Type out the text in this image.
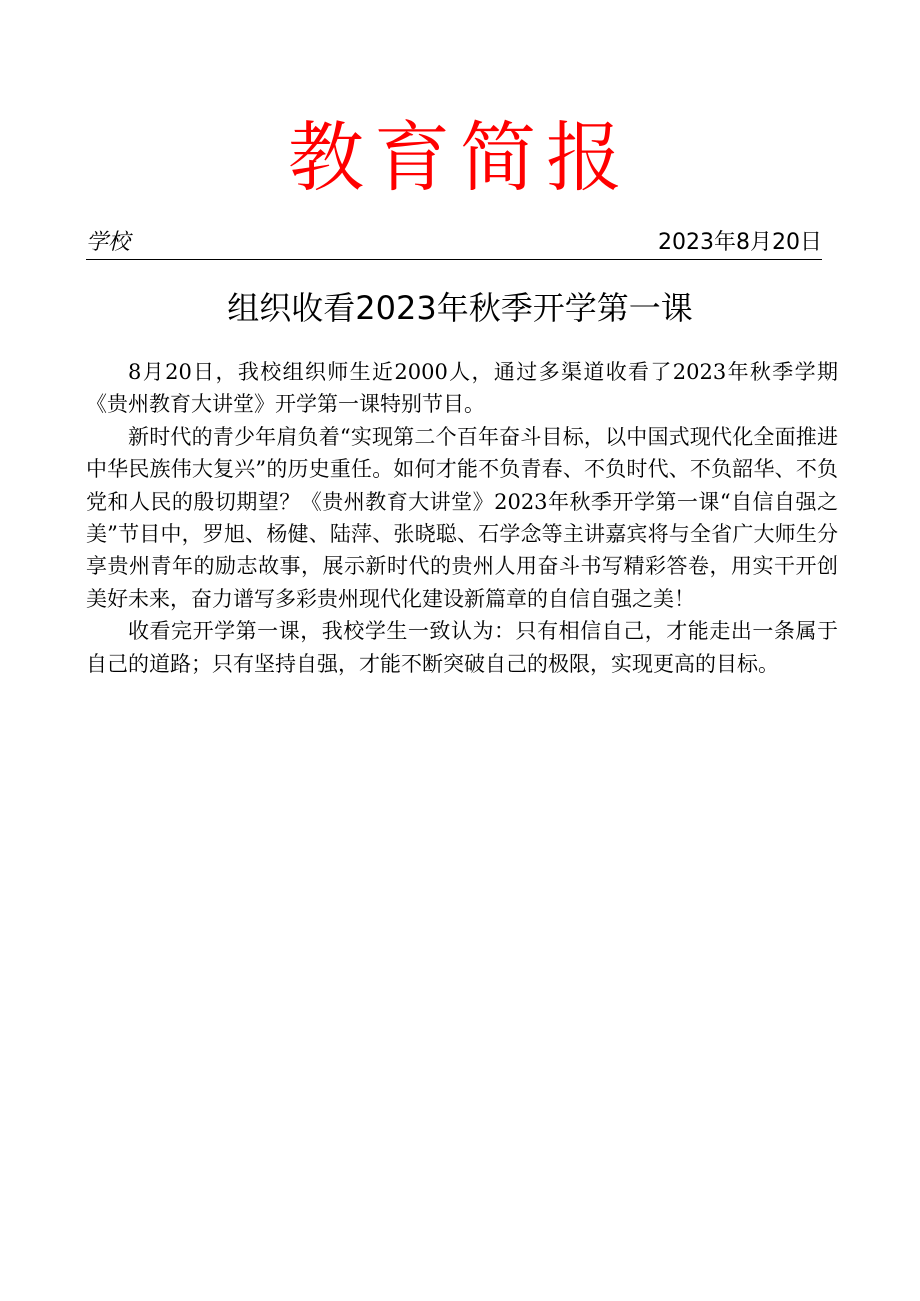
教育简报
学校	2023年8月20日
组织收看2023年秋季开学第一课

8月20日，我校组织师生近2000人，通过多渠道收看了2023年秋季学期《贵州教育大讲堂》开学第一课特别节目。

新时代的青少年肩负着“实现第二个百年奋斗目标，以中国式现代化全面推进中华民族伟大复兴”的历史重任。如何才能不负青春、不负时代、不负韶华、不负党和人民的殷切期望？《贵州教育大讲堂》2023年秋季开学第一课“自信自强之美”节目中，罗旭、杨健、陆萍、张晓聪、石学念等主讲嘉宾将与全省广大师生分享贵州青年的励志故事，展示新时代的贵州人用奋斗书写精彩答卷，用实干开创美好未来，奋力谱写多彩贵州现代化建设新篇章的自信自强之美！

收看完开学第一课，我校学生一致认为：只有相信自己，才能走出一条属于自己的道路；只有坚持自强，才能不断突破自己的极限，实现更高的目标。
